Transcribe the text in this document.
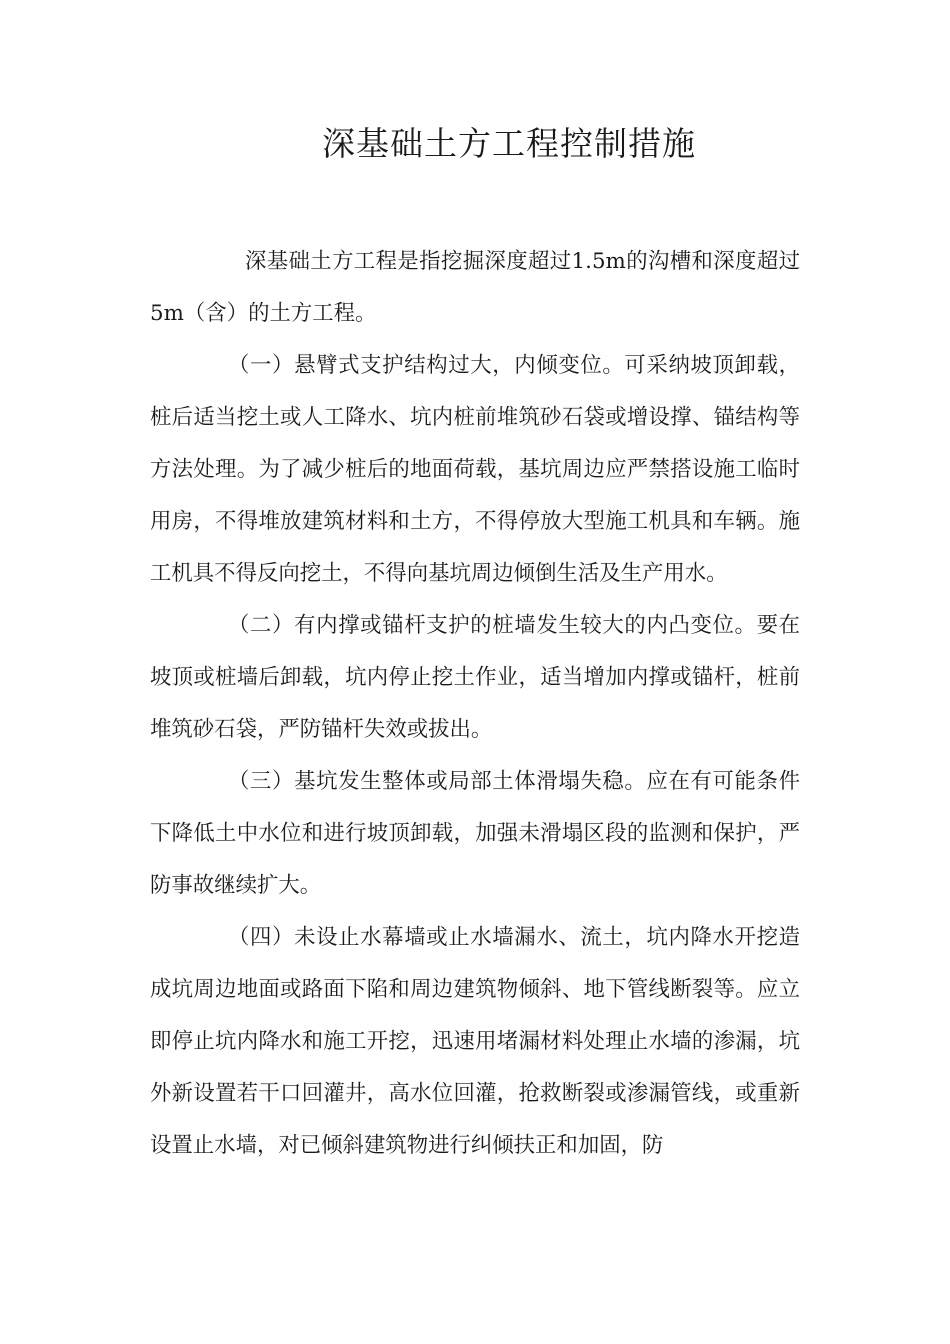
深基础土方工程控制措施

深基础土方工程是指挖掘深度超过1.5m的沟槽和深度超过5m（含）的土方工程。

（一）悬臂式支护结构过大，内倾变位。可采纳坡顶卸载，桩后适当挖土或人工降水、坑内桩前堆筑砂石袋或增设撑、锚结构等方法处理。为了减少桩后的地面荷载，基坑周边应严禁搭设施工临时用房，不得堆放建筑材料和土方，不得停放大型施工机具和车辆。施工机具不得反向挖土，不得向基坑周边倾倒生活及生产用水。

（二）有内撑或锚杆支护的桩墙发生较大的内凸变位。要在坡顶或桩墙后卸载，坑内停止挖土作业，适当增加内撑或锚杆，桩前堆筑砂石袋，严防锚杆失效或拔出。

（三）基坑发生整体或局部土体滑塌失稳。应在有可能条件下降低土中水位和进行坡顶卸载，加强未滑塌区段的监测和保护，严防事故继续扩大。

（四）未设止水幕墙或止水墙漏水、流土，坑内降水开挖造成坑周边地面或路面下陷和周边建筑物倾斜、地下管线断裂等。应立即停止坑内降水和施工开挖，迅速用堵漏材料处理止水墙的渗漏，坑外新设置若干口回灌井，高水位回灌，抢救断裂或渗漏管线，或重新设置止水墙，对已倾斜建筑物进行纠倾扶正和加固，防
